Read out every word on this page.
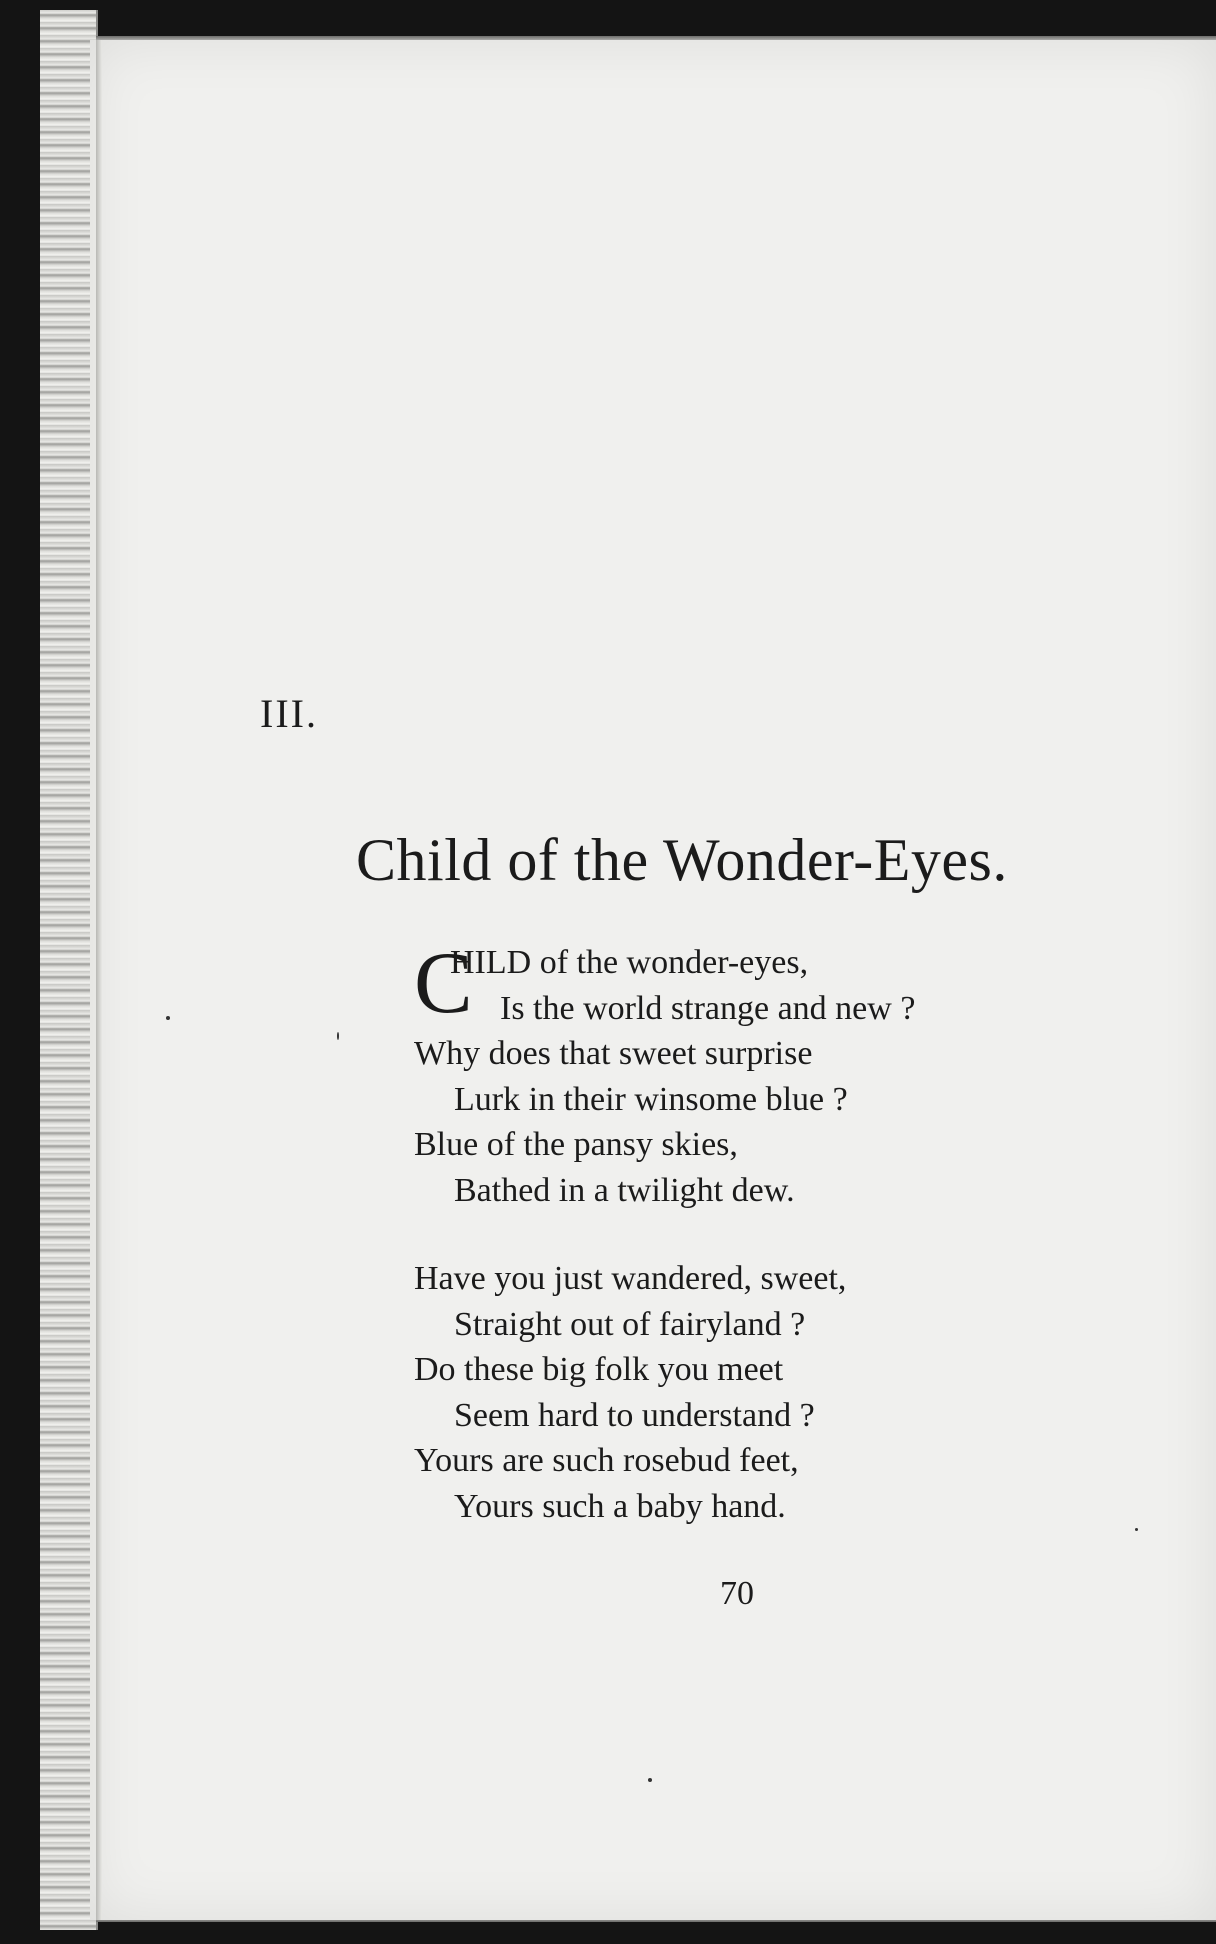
III.
Child of the Wonder-Eyes.
C
HILD of the wonder-eyes,
Is the world strange and new ?
Why does that sweet surprise
Lurk in their winsome blue ?
Blue of the pansy skies,
Bathed in a twilight dew.
Have you just wandered, sweet,
Straight out of fairyland ?
Do these big folk you meet
Seem hard to understand ?
Yours are such rosebud feet,
Yours such a baby hand.
70
